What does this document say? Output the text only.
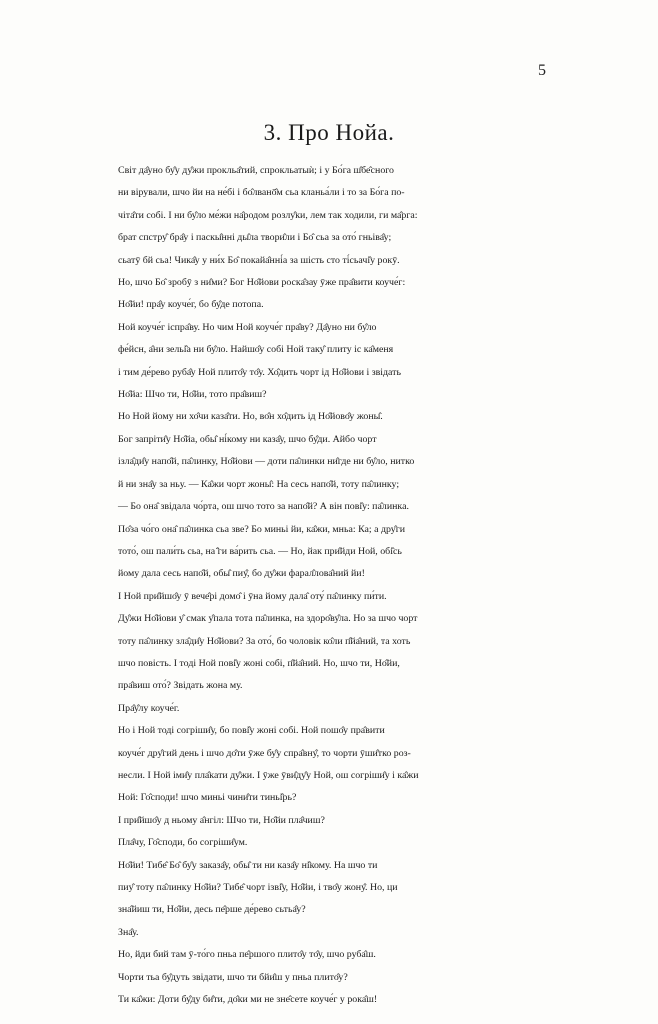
5
3. Про Нойа.

Світ да̂уно бу̂у ду̂жи прокльа̂тий, спрокльатыѝ; і у Бо́га ш̂бе̂сного
ни вірували, шчо йи на не́бі і бо̂лванō̂м сьа кланьа́ли і то за Бо́га по-
чіта̂ти собі. І ни бу̂ло ме́жи на̂родом розлу̂ки, лем так ходили, ги ма̂рга:
брат спстру̂ бра̂у і паскы̂нні ды̂ла твори̂ли і Бо̂ сьа за ото́ гньіва̂у;
сьатӯ бй сьа! Чика̂у у ни́х Бо̂ покайа̂нні́а за шість сто ті́сьачі̂у рокӯ.
Но, шчо Бо̂ зробӯ з ни̂ми? Бог Но̂йови роска̂зау ӯже пра̂вити коуче́г:
Но̂йи! пра̂у коуче́г, бо бу̂де потопа.

Ной коуче́г іспра̂ву. Но чим Ной коуче́г пра̂ву? Да̂уно ни бу̂ло
фе́йсн, а̂ни зельі̂а ни бу̂ло. Найшо̂у собі Ной таку̂ плиту іс ка̂меня
і тим де́рево руба̂у Ной плито̂у то̂у. Хо̂дить чорт ід Но̂йови і звідать
Но̂йа: Шчо ти, Но̂йи, тото пра̂виш?

Но Ной йому ни хо̂чи каза̂ти. Но, во̂н хо̂дить ід Но̂йово̂у жоны̂.
Бог запріти̂у Но̂йа, обы̂ ні́кому ни каза̂у, шчо бу̂ди. Айбо чорт
ізла̂ди̂у напо̂й, па̂линку, Но̂йови — доти па̂линки ни̂где ни бу̂ло, нитко
й ни зна̂у за ньу. — Ка̂жи чорт жоны̂: На сесь напо̂й, тоту па̂линку;
— Бо она̂ звідала чо́рта, ош шчо тото за напо̂й? А він пові̂у: па̂линка.
По̂за чо́го она̂ па̂линка сьа зве? Бо миньі йи, ка̂жи, мньа: Ка; а дру̂ги
тото́, ош пали́ть сьа, на ̂̂ги ва́рить сьа. — Но, йак при̂йди Ной, обі̂сь
йому дала сесь напо̂й, обы̂ пиу̂, бо ду̂жи фарал̂лова̂ний йи!

І Ной при̂йшо̂у ӯ вече̂рі домо̂ і ӯна йому дала̂ оту́ па̂линку пи́ти.
Ду̂жи Но̂йови у̂ смак у̂пала тота па̂линка, на здоро̂ву̂ла. Но за шчо чорт
тоту па̂линку зла̂ди̂у Но̂йови? За ото́, бо чоловік ко̂ли п̂йа̂ний, та хоть
шчо повість. І тоді Ной пові̂у жоні собі, п̂йа̂ний. Но, шчо ти, Но̂йи,
пра̂виш ото́? Звідать жона му.

Пра̂у̂лу коуче́г.

Но і Ной тоді согріши̂у, бо пові̂у жоні собі. Ной пошо̂у пра̂вити
коуче́г дру̂гий день і шчо до̂ти ӯже бу̂у спра̂вну̂, то чорти ӯши̂тко роз-
несли. І Ной іми̂у пла̂кати ду̂жи. І ӯже ӯви̂ду̂у Ной, ош согріши̂у і ка̂жи
Ной: Го̂споди! шчо миньі чини̂ти тиньі̂рь?

І при̂йшо̂у д ньому а̂нгіл: Шчо ти, Но̂йи пла̂чиш?

Пла̂чу, Го̂споди, бо согріши̂ум.

Но̂йи! Тибе̂ Бо̂ бу̂у заказа̂у, обы̂ ти ни каза̂у ні̂кому. На шчо ти
пиу̂ тоту па̂линку Но̂йи? Тибе̂ чорт ізві̂у, Но̂йи, і тво̂у жону̂. Но, ци
зна̂йиш ти, Но̂йи, десь пе̂рше де́рево сьтьа̂у?

Зна̂у.

Но, йди бий там ӯ-то́го пньа пе̂ршого плито̂у то̂у, шчо руба̂ш.
Чорти тьа бу̂дуть звідати, шчо ти бйи̂ш у пньа плито̂у?

Ти ка̂жи: Доти бу̂ду би̂ти, до̂ки ми не зне̂сете коуче́г у рока̂ш!
